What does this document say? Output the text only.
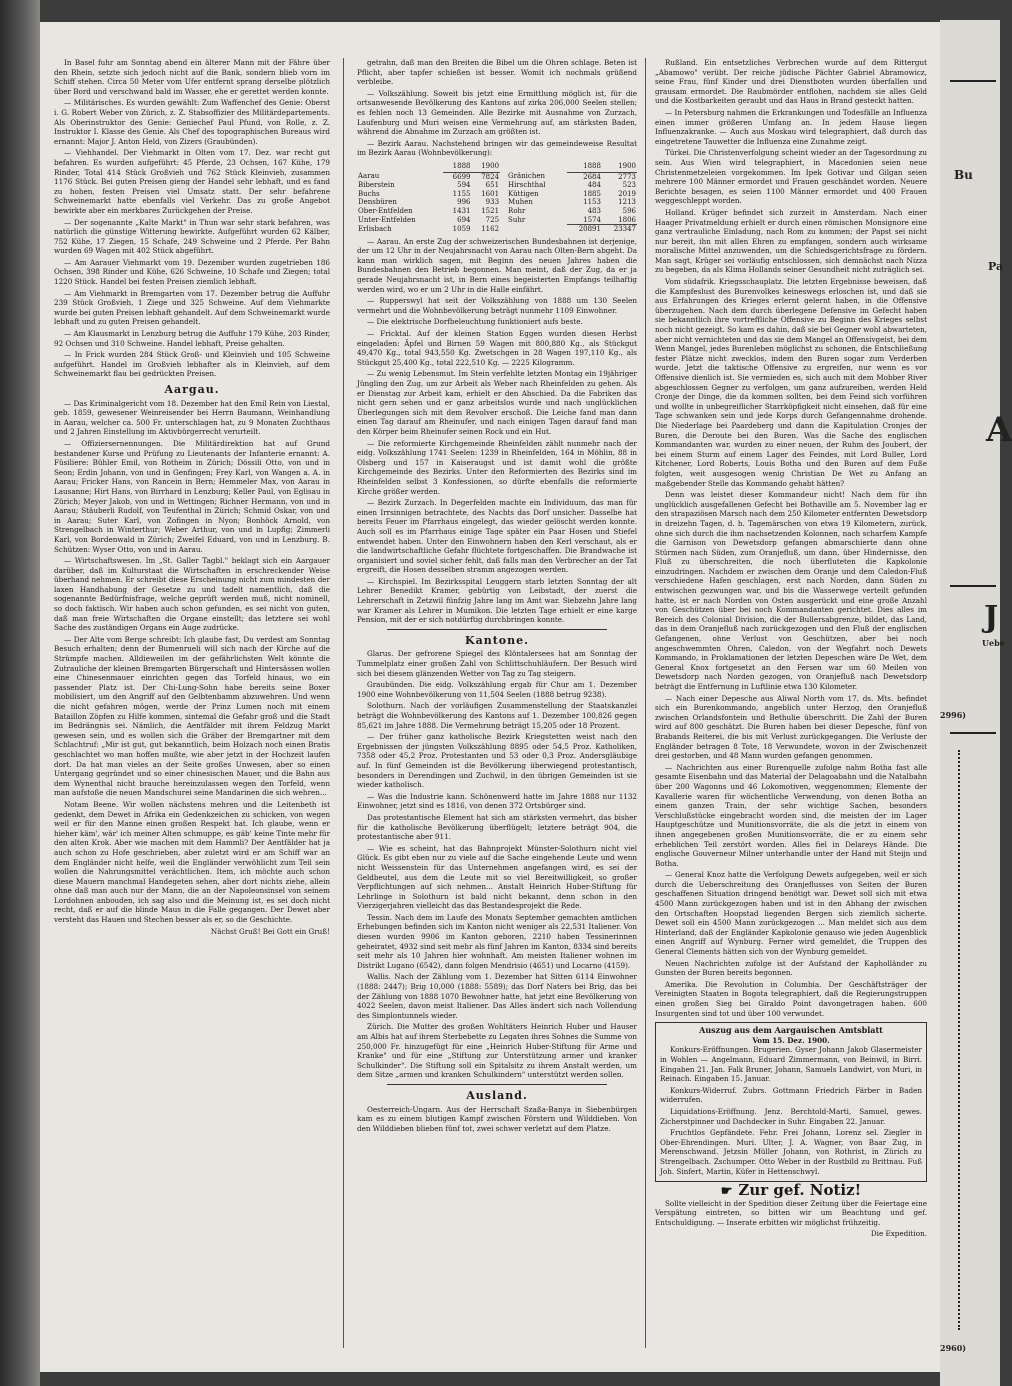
In Basel fuhr am Sonntag abend ein älterer Mann mit der Fähre über den Rhein, setzte sich jedoch nicht auf die Bank, sondern blieb vorn im Schiff stehen. Circa 50 Meter vom Ufer entfernt sprang derselbe plötzlich über Bord und verschwand bald im Wasser, ehe er gerettet werden konnte.

— Militärisches. Es wurden gewählt: Zum Waffenchef des Genie: Oberst i. G. Robert Weber von Zürich, z. Z. Stabsoffizier des Militärdepartements. Als Oberinstruktor des Genie: Geniechef Paul Pfund, von Rolle, z. Z. Instruktor I. Klasse des Genie. Als Chef des topographischen Bureaus wird ernannt: Major J. Anton Held, von Zizers (Graubünden).

— Viehhandel. Der Viehmarkt in Olten vom 17. Dez. war recht gut befahren. Es wurden aufgeführt: 45 Pferde, 23 Ochsen, 167 Kühe, 179 Rinder, Total 414 Stück Großvieh und 762 Stück Kleinvieh, zusammen 1176 Stück. Bei guten Preisen gieng der Handel sehr lebhaft, und es fand zu hohen, festen Preisen viel Umsatz statt. Der sehr befahrene Schweinemarkt hatte ebenfalls viel Verkehr. Das zu große Angebot bewirkte aber ein merkbares Zurückgehen der Preise.

— Der sogenannte „Kalte Markt" in Thun war sehr stark befahren, was natürlich die günstige Witterung bewirkte. Aufgeführt wurden 62 Kälber, 752 Kühe, 17 Ziegen, 15 Schafe, 249 Schweine und 2 Pferde. Per Bahn wurden 69 Wagen mit 402 Stück abgeführt.

— Am Aarauer Viehmarkt vom 19. Dezember wurden zugetrieben 186 Ochsen, 398 Rinder und Kühe, 626 Schweine, 10 Schafe und Ziegen; total 1220 Stück. Handel bei festen Preisen ziemlich lebhaft.

— Am Viehmarkt in Bremgarten vom 17. Dezember betrug die Auffuhr 239 Stück Großvieh, 1 Ziege und 325 Schweine. Auf dem Viehmarkte wurde bei guten Preisen lebhaft gehandelt. Auf dem Schweinemarkt wurde lebhaft und zu guten Preisen gehandelt.

— Am Klausmarkt in Lenzburg betrug die Auffuhr 179 Kühe, 203 Rinder, 92 Ochsen und 310 Schweine. Handel lebhaft, Preise gehalten.

— In Frick wurden 284 Stück Groß- und Kleinvieh und 105 Schweine aufgeführt. Handel im Großvieh lebhafter als in Kleinvieh, auf dem Schweinemarkt flau bei gedrückten Preisen.

Aargau.

— Das Kriminalgericht vom 18. Dezember hat den Emil Rein von Liestal, geb. 1859, gewesener Weinreisender bei Herrn Baumann, Weinhandlung in Aarau, welcher ca. 500 Fr. unterschlagen hat, zu 9 Monaten Zuchthaus und 2 Jahren Einstellung im Aktivbürgerrecht verurteilt.

— Offiziersernennungen. Die Militärdirektion hat auf Grund bestandener Kurse und Prüfung zu Lieutenants der Infanterie ernannt: A. Füsiliere: Bühler Emil, von Rotheim in Zürich; Dössili Otto, von und in Seon; Erdin Johann, von und in Genfingen; Frey Karl, von Wangen a. A. in Aarau; Fricker Hans, von Rancein in Bern; Hemmeler Max, von Aarau in Lausanne; Hirt Hans, von Birrhard in Lenzburg; Keller Paul, von Eglisau in Zürich; Meyer Jakob, von und in Wettingen; Richner Hermann, von und in Aarau; Stäuberli Rudolf, von Teufenthal in Zürich; Schmid Oskar, von und in Aarau; Suter Karl, von Zofingen in Nyon; Bonhöck Arnold, von Strengelbach in Winterthur; Weber Arthur, von und in Lupfig; Zimmerli Karl, von Bordenwald in Zürich; Zweifel Eduard, von und in Lenzburg. B. Schützen: Wyser Otto, von und in Aarau.

— Wirtschaftswesen. Im „St. Galler Tagbl." beklagt sich ein Aargauer darüber, daß im Kulturstaat die Wirtschaften in erschreckender Weise überhand nehmen. Er schreibt diese Erscheinung nicht zum mindesten der laxen Handhabung der Gesetze zu und tadelt namentlich, daß die sogenannte Bedürfnisfrage, welche geprüft werden muß, nicht nominell, so doch faktisch. Wir haben auch schon gefunden, es sei nicht von guten, daß man freie Wirtschaften die Organe einstellt; das letztere sei wohl Sache des zuständigen Organs ein Auge zudrücke.

— Der Alte vom Berge schreibt: Ich glaube fast, Du verdest am Sonntag Besuch erhalten; denn der Bumenrueli will sich nach der Kirche auf die Strümpfe machen. Alldieweilen im der gefährlichsten Welt könnte die Zutrauliche der kleinen Bremgarten Bürgerschaft und Hintersässen wollen eine Chinesenmauer einrichten gegen das Torfeld hinaus, wo ein passender Platz ist. Der Chi-Lung-Sohn habe bereits seine Boxer mobilisiert, um den Angriff auf den Gelbtenbamm abzuwehren. Und wenn die nicht gefahren mögen, werde der Prinz Lumen noch mit einem Bataillon Zöpfen zu Hilfe kommen, sintemal die Gefahr groß und die Stadt im Bedrängnis sei. Nämlich, die Aentfälder mit ihrem Feldzug Markt gewesen sein, und es wollen sich die Gräber der Bremgartner mit dem Schlachtruf: „Mir ist gut, gut bekanntlich, beim Holzach noch einen Bratis geschlachtet wo man hoffen mußte, wie aber jetzt in der Hochzeit laufen dort. Da hat man vieles an der Seite großes Unwesen, aber so einen Untergang gegründet und so einer chinesischen Mauer, und die Bahn aus dem Wynenthal nicht brauche hereinzulassen wegen den Torfeld, wenn man aufstoße die neuen Mandschurei seine Mandarinen die sich wehren...

Notam Beene. Wir wollen nächstens mehren und die Leitenbeth ist gedenkt, dem Dewet in Afrika ein Gedenkzeichen zu schicken, von wegen weil er für den Manne einen großen Respekt hat. Ich glaube, wenn er hieher käm', wär' ich meiner Alten schmuppe, es gäb' keine Tinte mehr für den alten Krok. Aber wie machen mit dem Hammli? Der Aentfälder hat ja auch schon zu Hofe geschrieben, aber zuletzt wird er am Schiff war an dem Engländer nicht helfe, weil die Engländer verwöhlicht zum Teil sein wollen die Nahrungsmittel verächtlichen. Item, ich möchte auch schon diese Mauern manchmal Handegeten sehen, aber dort nichts ziehe, allein ohne daß man auch nur der Mann, die an der Napoleonsinsel von seinem Lordohnen anbouden, ich sag also und die Meinung ist, es sei doch nicht recht, daß er auf die blinde Maus in die Falle gegangen. Der Dewet aber versteht das Hauen und Stechen besser als er, so die Geschichte.

Nächst Gruß! Bei Gott ein Gruß!

getrahn, daß man den Breiten die Bibel um die Ohren schlage. Beten ist Pflicht, aber tapfer schießen ist besser. Womit ich nochmals grüßend verbleibe.

— Volkszählung. Soweit bis jetzt eine Ermittlung möglich ist, für die ortsanwesende Bevölkerung des Kantons auf zirka 206,000 Seelen stellen; es fehlen noch 13 Gemeinden. Alle Bezirke mit Ausnahme von Zurzach, Laufenburg und Muri weisen eine Vermehrung auf, am stärksten Baden, während die Abnahme im Zurzach am größten ist.

— Bezirk Aarau. Nachstehend bringen wir das gemeindeweise Resultat im Bezirk Aarau (Wohnbevölkerung):

	1888	1900		1888	1900
Aarau	6699	7824	Gränichen	2684	2773
Biberstein	594	651	Hirschthal	484	523
Buchs	1155	1601	Küttigen	1885	2019
Densbüren	996	933	Muhen	1153	1213
Ober-Entfelden	1431	1521	Rohr	483	596
Unter-Entfelden	694	725	Suhr	1574	1806
Erlisbach	1059	1162		20891	23347

— Aarau. An erste Zug der schweizerischen Bundesbahnen ist derjenige, der um 12 Uhr in der Neujahrsnacht von Aarau nach Olten-Bern abgeht. Da kann man wirklich sagen, mit Beginn des neuen Jahres haben die Bundesbahnen den Betrieb begonnen. Man meint, daß der Zug, da er ja gerade Neujahrsnacht ist, in Bern eines begeisterten Empfangs teilhaftig werden wird, wo er um 2 Uhr in die Halle einfährt.

— Rupperswyl hat seit der Volkszählung von 1888 um 130 Seelen vermehrt und die Wohnbevölkerung beträgt nunmehr 1109 Einwohner.

— Die elektrische Dorfbeleuchtung funktioniert aufs beste.

— Fricktal. Auf der kleinen Station Eggen wurden diesen Herbst eingeladen: Äpfel und Birnen 59 Wagen mit 800,880 Kg., als Stückgut 49,470 Kg., total 943,550 Kg. Zwetschgen in 28 Wagen 197,110 Kg., als Stückgut 25,400 Kg., total 222,510 Kg. — 2225 Kilogramm.

— Zu wenig Lebensmut. Im Stein verfehlte letzten Montag ein 19jähriger Jüngling den Zug, um zur Arbeit als Weber nach Rheinfelden zu gehen. Als er Dienstag zur Arbeit kam, erhielt er den Abschied. Da die Fabriken das nicht gern sehen und er ganz arbeitslos wurde und nach unglücklichen Überlegungen sich mit dem Revolver erschoß. Die Leiche fand man dann einen Tag darauf am Rheinufer, und nach einigen Tagen darauf fand man den Körper beim Rheinufer seinen Rock und ein Hut.

— Die reformierte Kirchgemeinde Rheinfelden zählt nunmehr nach der eidg. Volkszählung 1741 Seelen: 1239 in Rheinfelden, 164 in Möhlin, 88 in Olsberg und 157 in Kaiseraugst und ist damit wohl die größte Kirchgemeinde des Bezirks. Unter den Reformierten des Bezirks sind im Rheinfelden selbst 3 Konfessionen, so dürfte ebenfalls die reformierte Kirche größer werden.

— Bezirk Zurzach. In Degerfelden machte ein Individuum, das man für einen Irrsinnigen betrachtete, des Nachts das Dorf unsicher. Dasselbe hat bereits Feuer im Pfarrhaus eingelegt, das wieder gelöscht werden konnte. Auch soll es im Pfarrhaus einige Tage später ein Paar Hosen und Stiefel entwendet haben. Unter den Einwohnern haben den Kerl verschaut, als er die landwirtschaftliche Gefahr flüchtete fortgeschaffen. Die Brandwache ist organisiert und soviel sicher fehlt, daß falls man den Verbrecher an der Tat ergreift, die Hosen desselben stramm angezogen werden.

— Kirchspiel. Im Bezirksspital Leuggern starb letzten Sonntag der alt Lehrer Benedikt Kramer, gebürtig von Leibstadt, der zuerst die Lehrerschaft in Zetzwil fünfzig Jahre lang im Amt war. Siebzehn Jahre lang war Kramer als Lehrer in Mumikon. Die letzten Tage erhielt er eine karge Pension, mit der er sich notdürftig durchbringen konnte.

Kantone.

Glarus. Der gefrorene Spiegel des Klöntalersees hat am Sonntag der Tummelplatz einer großen Zahl von Schlittschuhläufern. Der Besuch wird sich bei diesem glänzenden Wetter von Tag zu Tag steigern.

Graubünden. Die eidg. Volkszählung ergab für Chur am 1. Dezember 1900 eine Wohnbevölkerung von 11,504 Seelen (1888 betrug 9238).

Solothurn. Nach der vorläufigen Zusammenstellung der Staatskanzlei beträgt die Wohnbevölkerung des Kantons auf 1. Dezember 100,826 gegen 85,621 im Jahre 1888. Die Vermehrung beträgt 15,205 oder 18 Prozent.

— Der früher ganz katholische Bezirk Kriegstetten weist nach den Ergebnissen der jüngsten Volkszählung 8895 oder 54,5 Proz. Katholiken, 7358 oder 45,2 Proz. Protestanten und 53 oder 0,3 Proz. Andersgläubige auf. In fünf Gemeinden ist die Bevölkerung überwiegend protestantisch, besonders in Derendingen und Zuchwil, in den übrigen Gemeinden ist sie wieder katholisch.

— Was die Industrie kann. Schönenwerd hatte im Jahre 1888 nur 1132 Einwohner, jetzt sind es 1816, von denen 372 Ortsbürger sind.

Das protestantische Element hat sich am stärksten vermehrt, das bisher für die katholische Bevölkerung überflügelt; letztere beträgt 904, die protestantische aber 911.

— Wie es scheint, hat das Bahnprojekt Münster-Solothurn nicht viel Glück. Es gibt eben nur zu viele auf die Sache eingehende Leute und wenn nicht Weissenstein für das Unternehmen angefangen wird, es sei der Geldbeutel, aus dem die Leute mit so viel Bereitwilligkeit, so großer Verpflichtungen auf sich nehmen... Anstalt Heinrich Huber-Stiftung für Lehrlinge in Solothurn ist bald nicht bekannt, denn schon in den Vierzigerjahren vielleicht das das Bestandesprojekt die Rede.

Tessin. Nach dem im Laufe des Monats September gemachten amtlichen Erhebungen befinden sich im Kanton nicht weniger als 22,531 Italiener. Von diesen wurden 9906 im Kanton geboren, 2210 haben Tessinerinnen geheiratet, 4932 sind seit mehr als fünf Jahren im Kanton, 8334 sind bereits seit mehr als 10 Jahren hier wohnhaft. Am meisten Italiener wohnen im Distrikt Lugano (6542), dann folgen Mendrisio (4651) und Locarno (4159).

Wallis. Nach der Zählung vom 1. Dezember hat Sitten 6114 Einwohner (1888: 2447); Brig 10,000 (1888: 5589); das Dorf Naters bei Brig, das bei der Zählung von 1888 1070 Bewohner hatte, hat jetzt eine Bevölkerung von 4022 Seelen, davon meist Italiener. Das Alles ändert sich nach Vollendung des Simplontunnels wieder.

Zürich. Die Mutter des großen Wohltäters Heinrich Huber und Hauser am Albis hat auf ihrem Sterbebette zu Legaten ihres Sohnes die Summe von 250,000 Fr. hinzugefügt für eine „Heinrich Huber-Stiftung für Arme und Kranke" und für eine „Stiftung zur Unterstützung armer und kranker Schulkinder". Die Stiftung soll ein Spitalsitz zu ihrem Anstalt werden, um dem Sitze „armen und kranken Schulkindern" unterstützt werden sollen.

Ausland.

Oesterreich-Ungarn. Aus der Herrschaft Szaßa-Banya in Siebenbürgen kam es zu einem blutigen Kampf zwischen Förstern und Wilddieben. Von den Wilddieben blieben fünf tot, zwei schwer verletzt auf dem Platze.

Rußland. Ein entsetzliches Verbrechen wurde auf dem Rittergut „Abamowo" verübt. Der reiche jüdische Pächter Gabriel Abramowicz, seine Frau, fünf Kinder und drei Dienstboten wurden überfallen und grausam ermordet. Die Raubmörder entflohen, nachdem sie alles Geld und die Kostbarkeiten geraubt und das Haus in Brand gesteckt hatten.

— In Petersburg nahmen die Erkrankungen und Todesfälle an Influenza einen immer größeren Umfang an. In jedem Hause liegen Influenzakranke. — Auch aus Moskau wird telegraphiert, daß durch das eingetretene Tauwetter die Influenza eine Zunahme zeigt.

Türkei. Die Christenverfolgung scheint wieder an der Tagesordnung zu sein. Aus Wien wird telegraphiert, in Macedonien seien neue Christenmetzeleien vorgekommen. Im Ipek Gotivar und Gilgan seien mehrere 100 Männer ermordet und Frauen geschändet worden. Neuere Berichte besagen, es seien 1100 Männer ermordet und 400 Frauen weggeschleppt worden.

Holland. Krüger befindet sich zurzeit in Amsterdam. Nach einer Haager Privatmeldung erhielt er durch einen römischen Monsignore eine ganz vertrauliche Einladung, nach Rom zu kommen; der Papst sei nicht nur bereit, ihn mit allen Ehren zu empfangen, sondern auch wirksame moralische Mittel anzuwenden, um die Schiedsgerichtsfrage zu fördern. Man sagt, Krüger sei vorläufig entschlossen, sich demnächst nach Nizza zu begeben, da als Klima Hollands seiner Gesundheit nicht zuträglich sei.

Vom südafrik. Kriegsschauplatz. Die letzten Ergebnisse beweisen, daß die Kampfeslust des Burenvolkes keineswegs erloschen ist, und daß sie aus Erfahrungen des Krieges erlernt gelernt haben, in die Offensive überzugehen. Nach dem durch überlegene Defensive im Gefecht haben sie bekanntlich ihre vortreffliche Offensive zu Beginn des Krieges selbst noch nicht gezeigt. So kam es dahin, daß sie bei Gegner wohl abwarteten, aber nicht vernichteten und das sie dem Mangel an Offensivgeist, bei dem Wenn Mangel, jedes Burenleben möglichst zu schonen, die Entschließung fester Plätze nicht zwecklos, indem den Buren sogar zum Verderben wurde. Jetzt die taktische Offensive zu ergreifen, nur wenn es vor Offensive dienlich ist. Sie vermieden es, sich auch mit dem Mobber River abgeschlossen Gegner zu verfolgen, um ganz aufzureiben, werden Held Cronje der Dinge, die da kommen sollten, bei dem Feind sich vorführen und wollte in unbegreiflicher Starrköpfigkeit nicht einsehen, daß für eine Tage schwanken sein und jede Korps durch Gefangennahme drohende. Die Niederlage bei Paardeberg und dann die Kapitulation Cronjes der Buren, die Deroute bei den Buren. Was die Sache des englischen Kommandanten war, wurden zu einer neuen, der Ruhm des Joubert, der bei einem Sturm auf einem Lager des Feindes, mit Lord Buller, Lord Kitchener, Lord Roberts, Louis Botha und den Buren auf dem Fuße folgten, weit ausgesogen wenig Christian De Wet zu Anfang an maßgebender Stelle das Kommando gehabt hätten?

Denn was leistet dieser Kommandeur nicht! Nach dem für ihn unglücklich ausgefallenen Gefecht bei Bothaville am 5. November lag er den strapaziösen Marsch nach dem 250 Kilometer entfernten Dewetsdorp in dreizehn Tagen, d. h. Tagemärschen von etwa 19 Kilometern, zurück, ohne sich durch die ihm nachsetzenden Kolonnen, nach scharfem Kampfe die Garnison von Dewetsdorp gefangen abmarschierte dann ohne Stürmen nach Süden, zum Oranjefluß, um dann, über Hindernisse, den Fluß zu überschreiten, die noch überfluteten die Kapkolonie einzudringen. Nachdem er zwischen dem Oranje und dem Caledon-Fluß verschiedene Hafen geschlagen, erst nach Norden, dann Süden zu entwischen gezwungen war, und bis die Wasserwege verteilt gefunden hatte, ist er nach Norden von Osten ausgerückt und eine große Anzahl von Geschützen über bei noch Kommandanten gerichtet. Dies alles im Bereich des Colonial Division, die der Bullersabgrenze, bildet, das Land, das in dem Oranjefluß nach zurückgezogen und den Fluß der englischen Gefangenen, ohne Verlust von Geschützen, aber bei noch angeschwemmten Ohren, Caledon, von der Wegfahrt noch Dewets Kommando, in Proklamationen der letzten Depeschen wäre De Wet, dem General Knox fortgesetzt an den Fersen war um 60 Meilen von Dewetsdorp nach Norden gezogen, von Oranjefluß nach Dewetsdorp beträgt die Entfernung in Luftlinie etwa 130 Kilometer.

— Nach einer Depesche aus Aliwal North vom 17. ds. Mts. befindet sich ein Burenkommando, angeblich unter Herzog, den Oranjefluß zwischen Orlandsfontein und Bethulie überschritt. Die Zahl der Buren wird auf 800 geschätzt. Die Buren haben bei dieser Depesche, fünf von Brabands Reiterei, die bis mit Verlust zurückgegangen. Die Verluste der Engländer betragen 8 Tote, 18 Verwundete, wovon in der Zwischenzeit drei gestorben, und 48 Mann wurden gefangen genommen.

— Nachrichten aus einer Burenquelle zufolge nahm Botha fast alle gesamte Eisenbahn und das Material der Delagoabahn und die Natalbahn über 200 Wagonns und 46 Lokomotiven, weggenommen; Elemente der Kavallerie waren für wöchentliche Verwendung, von denen Botha an einem ganzen Train, der sehr wichtige Sachen, besonders Verschlußstücke eingebracht worden sind, die meisten der im Lager Hauptgeschütze und Munitionsvorräte, die als die jetzt in einem von ihnen angegebenen großen Munitionsvorräte, die er zu einem sehr erheblichen Teil zerstört worden. Alles fiel in Delareys Hände. Die englische Gouverneur Milner unterhandle unter der Hand mit Steijn und Botha.

— General Knoz hatte die Verfolgung Dewets aufgegeben, weil er sich durch die Ueberschreitung des Oranjeflusses von Seiten der Buren geschaffenen Situation dringend benötigt war. Dewet soll sich mit etwa 4500 Mann zurückgezogen haben und ist in den Abhang der zwischen den Ortschaften Hoopstad liegenden Bergen sich ziemlich sicherte. Dewet soll ein 4500 Mann zurückgezogen ... Man meldet sich aus dem Hinterland, daß der Engländer Kapkolonie genauso wie jeden Augenblick einen Angriff auf Wynburg. Ferner wird gemeldet, die Truppen des General Clements hätten sich von der Wynburg gemeldet.

Neuen Nachrichten zufolge ist der Aufstand der Kapholländer zu Gunsten der Buren bereits begonnen.

Amerika. Die Revolution in Columbia. Der Geschäftsträger der Vereinigten Staaten in Bogota telegraphiert, daß die Regierungstruppen einen großen Sieg bei Giraldo Point davongetragen haben. 600 Insurgenten sind tot und über 100 verwundet.

Auszug aus dem Aargauischen Amtsblatt
Vom 15. Dez. 1900.

Konkurs-Eröffnungen. Brugerien. Gyser Johann Jakob Glasermeister in Wohlen — Angelmann, Eduard Zimmermann, von Beinwil, in Birri. Eingaben 21. Jan. Falk Bruner, Johann, Samuels Landwirt, von Muri, in Reinach. Eingaben 15. Januar.

Konkurs-Widerruf. Zubrs. Gottmann Friedrich Färber in Baden widerrufen.

Liquidations-Eröffnung. Jenz. Berchtold-Marti, Samuel, gewes. Zicherstpinner und Dachdecker in Suhr. Eingaben 22. Januar.

Fruchtlos Gepfändete. Fehr. Frei Johann, Lorenz sel. Ziegler in Ober-Ehrendingen. Muri. Ulter, J. A. Wagner, von Baar Zug, in Merenschwand. Jetzsin Müller Johann, von Rothrist, in Zürich zu Strengelbach. Zschumper. Otto Weber in der Rustbild zu Brittnau. Fuß Joh. Sinfert, Martin, Küfer in Hettenschwyl.

☛ Zur gef. Notiz!

Sollte vielleicht in der Spedition dieser Zeitung über die Feiertage eine Verspätung eintreten, so bitten wir um Beachtung und gef. Entschuldigung. — Inserate erbitten wir möglichst frühzeitig.

Die Expedition.

Bu
Pa
A
J
Uebe
2996)
2960)
